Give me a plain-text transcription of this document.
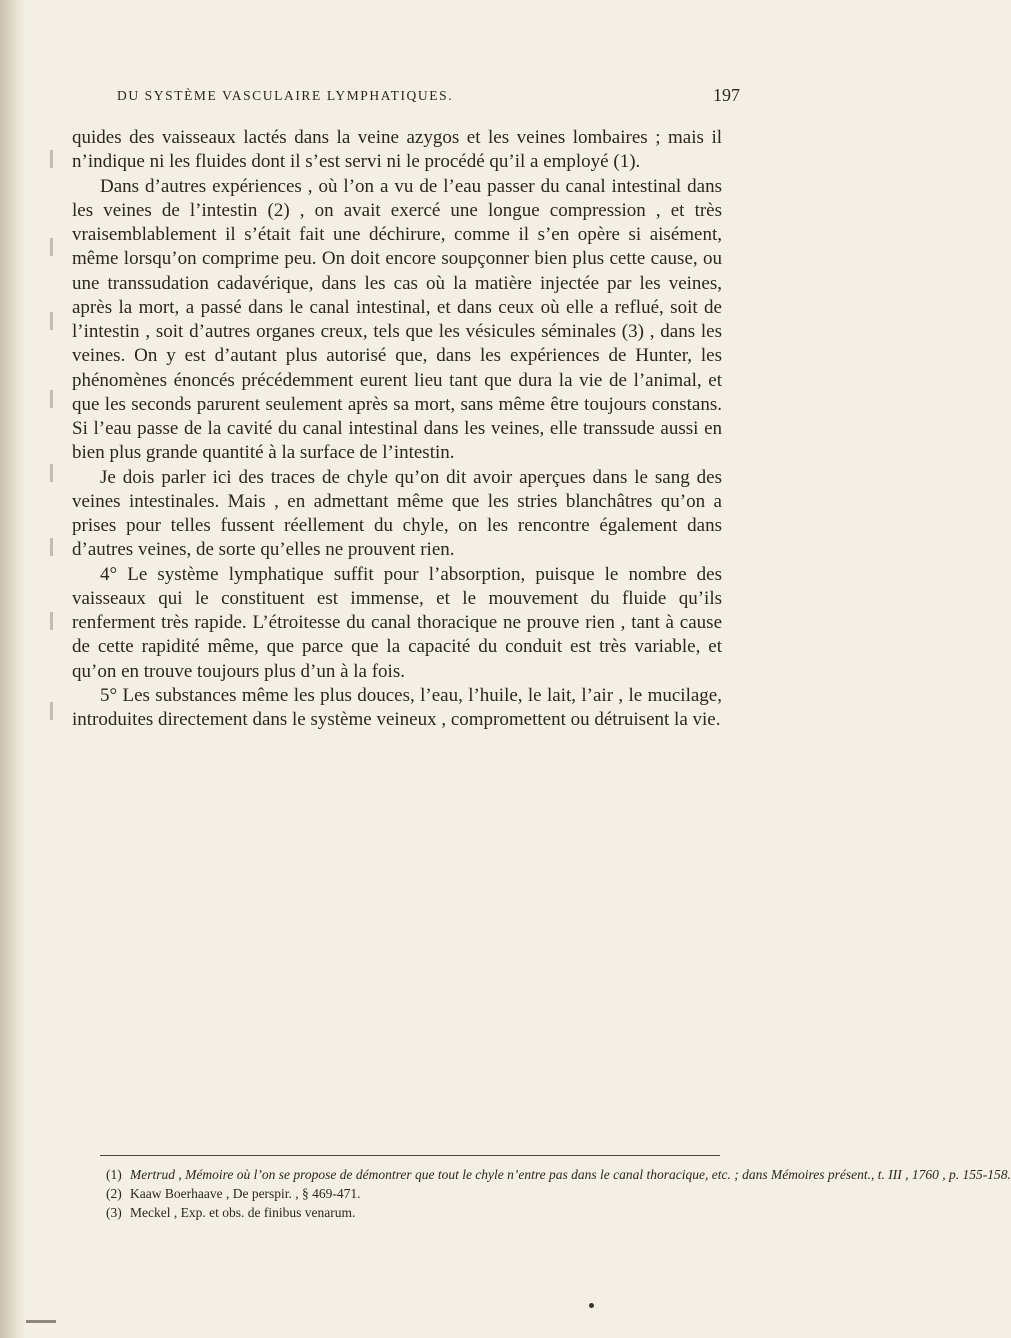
DU SYSTÈME VASCULAIRE LYMPHATIQUES.	197

quides des vaisseaux lactés dans la veine azygos et les veines lombaires ; mais il n’indique ni les fluides dont il s’est servi ni le procédé qu’il a employé (1).

Dans d’autres expériences , où l’on a vu de l’eau passer du canal intestinal dans les veines de l’intestin (2) , on avait exercé une longue compression , et très vraisemblablement il s’était fait une déchirure, comme il s’en opère si aisément, même lorsqu’on comprime peu. On doit encore soupçonner bien plus cette cause, ou une transsudation cadavérique, dans les cas où la matière injectée par les veines, après la mort, a passé dans le canal intestinal, et dans ceux où elle a reflué, soit de l’intestin , soit d’autres organes creux, tels que les vésicules séminales (3) , dans les veines. On y est d’autant plus autorisé que, dans les expériences de Hunter, les phénomènes énoncés précédemment eurent lieu tant que dura la vie de l’animal, et que les seconds parurent seulement après sa mort, sans même être toujours constans. Si l’eau passe de la cavité du canal intestinal dans les veines, elle transsude aussi en bien plus grande quantité à la surface de l’intestin.

Je dois parler ici des traces de chyle qu’on dit avoir aperçues dans le sang des veines intestinales. Mais , en admettant même que les stries blanchâtres qu’on a prises pour telles fussent réellement du chyle, on les rencontre également dans d’autres veines, de sorte qu’elles ne prouvent rien.

4° Le système lymphatique suffit pour l’absorption, puisque le nombre des vaisseaux qui le constituent est immense, et le mouvement du fluide qu’ils renferment très rapide. L’étroitesse du canal thoracique ne prouve rien , tant à cause de cette rapidité même, que parce que la capacité du conduit est très variable, et qu’on en trouve toujours plus d’un à la fois.

5° Les substances même les plus douces, l’eau, l’huile, le lait, l’air , le mucilage, introduites directement dans le système veineux , compromettent ou détruisent la vie.

(1) Mertrud , Mémoire où l’on se propose de démontrer que tout le chyle n’entre pas dans le canal thoracique, etc. ; dans Mémoires présent., t. III , 1760 , p. 155-158.

(2) Kaaw Boerhaave , De perspir. , § 469-471.

(3) Meckel , Exp. et obs. de finibus venarum.
